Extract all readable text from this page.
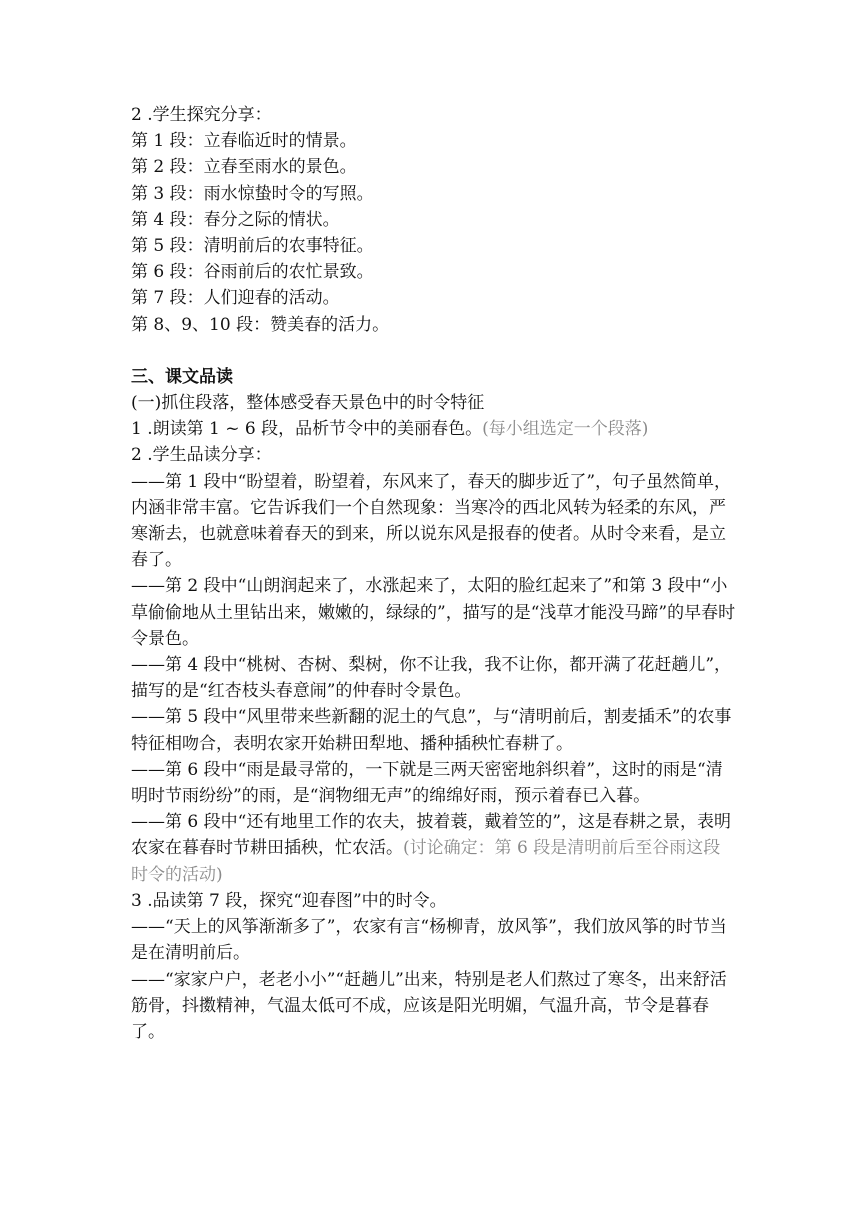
2 .学生探究分享：

第 1 段：立春临近时的情景。

第 2 段：立春至雨水的景色。

第 3 段：雨水惊蛰时令的写照。

第 4 段：春分之际的情状。

第 5 段：清明前后的农事特征。

第 6 段：谷雨前后的农忙景致。

第 7 段：人们迎春的活动。

第 8、9、10 段：赞美春的活力。

三、课文品读

(一)抓住段落，整体感受春天景色中的时令特征

1 .朗读第 1 ~ 6 段，品析节令中的美丽春色。(每小组选定一个段落)

2 .学生品读分享：

——第 1 段中“盼望着，盼望着，东风来了，春天的脚步近了”，句子虽然简单，内涵非常丰富。它告诉我们一个自然现象：当寒冷的西北风转为轻柔的东风，严寒渐去，也就意味着春天的到来，所以说东风是报春的使者。从时令来看，是立春了。

——第 2 段中“山朗润起来了，水涨起来了，太阳的脸红起来了”和第 3 段中“小草偷偷地从土里钻出来，嫩嫩的，绿绿的”，描写的是“浅草才能没马蹄”的早春时令景色。

——第 4 段中“桃树、杏树、梨树，你不让我，我不让你，都开满了花赶趟儿”，描写的是“红杏枝头春意闹”的仲春时令景色。

——第 5 段中“风里带来些新翻的泥土的气息”，与“清明前后，割麦插禾”的农事特征相吻合，表明农家开始耕田犁地、播种插秧忙春耕了。

——第 6 段中“雨是最寻常的，一下就是三两天密密地斜织着”，这时的雨是“清明时节雨纷纷”的雨，是“润物细无声”的绵绵好雨，预示着春已入暮。

——第 6 段中“还有地里工作的农夫，披着蓑，戴着笠的”，这是春耕之景，表明农家在暮春时节耕田插秧，忙农活。(讨论确定：第 6 段是清明前后至谷雨这段时令的活动)

3 .品读第 7 段，探究“迎春图”中的时令。

——“天上的风筝渐渐多了”，农家有言“杨柳青，放风筝”，我们放风筝的时节当是在清明前后。

——“家家户户，老老小小”“赶趟儿”出来，特别是老人们熬过了寒冬，出来舒活筋骨，抖擞精神，气温太低可不成，应该是阳光明媚，气温升高，节令是暮春了。
